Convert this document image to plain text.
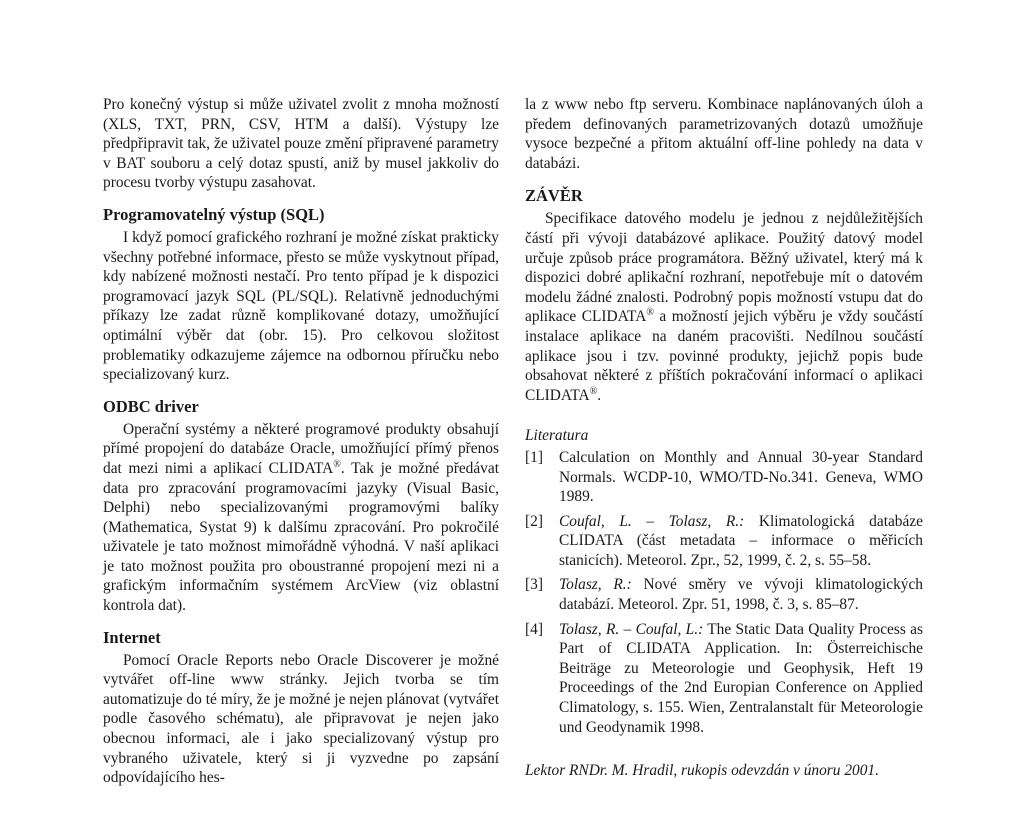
Pro konečný výstup si může uživatel zvolit z mnoha možností (XLS, TXT, PRN, CSV, HTM a další). Výstupy lze předpřipravit tak, že uživatel pouze změní připravené parametry v BAT souboru a celý dotaz spustí, aniž by musel jakkoliv do procesu tvorby výstupu zasahovat.

Programovatelný výstup (SQL)

I když pomocí grafického rozhraní je možné získat prakticky všechny potřebné informace, přesto se může vyskytnout případ, kdy nabízené možnosti nestačí. Pro tento případ je k dispozici programovací jazyk SQL (PL/SQL). Relativně jednoduchými příkazy lze zadat různě komplikované dotazy, umožňující optimální výběr dat (obr. 15). Pro celkovou složitost problematiky odkazujeme zájemce na odbornou příručku nebo specializovaný kurz.

ODBC driver

Operační systémy a některé programové produkty obsahují přímé propojení do databáze Oracle, umožňující přímý přenos dat mezi nimi a aplikací CLIDATA®. Tak je možné předávat data pro zpracování programovacími jazyky (Visual Basic, Delphi) nebo specializovanými programovými balíky (Mathematica, Systat 9) k dalšímu zpracování. Pro pokročilé uživatele je tato možnost mimořádně výhodná. V naší aplikaci je tato možnost použita pro oboustranné propojení mezi ni a grafickým informačním systémem ArcView (viz oblastní kontrola dat).

Internet

Pomocí Oracle Reports nebo Oracle Discoverer je možné vytvářet off-line www stránky. Jejich tvorba se tím automatizuje do té míry, že je možné je nejen plánovat (vytvářet podle časového schématu), ale připravovat je nejen jako obecnou informaci, ale i jako specializovaný výstup pro vybraného uživatele, který si ji vyzvedne po zapsání odpovídajícího hes-

la z www nebo ftp serveru. Kombinace naplánovaných úloh a předem definovaných parametrizovaných dotazů umožňuje vysoce bezpečné a přitom aktuální off-line pohledy na data v databázi.

ZÁVĚR

Specifikace datového modelu je jednou z nejdůležitějších částí při vývoji databázové aplikace. Použitý datový model určuje způsob práce programátora. Běžný uživatel, který má k dispozici dobré aplikační rozhraní, nepotřebuje mít o datovém modelu žádné znalosti. Podrobný popis možností vstupu dat do aplikace CLIDATA® a možností jejich výběru je vždy součástí instalace aplikace na daném pracovišti. Nedílnou součástí aplikace jsou i tzv. povinné produkty, jejichž popis bude obsahovat některé z příštích pokračování informací o aplikaci CLIDATA®.

Literatura

[1]	Calculation on Monthly and Annual 30-year Standard Normals. WCDP-10, WMO/TD-No.341. Geneva, WMO 1989.
[2]	Coufal, L. – Tolasz, R.: Klimatologická databáze CLIDATA (část metadata – informace o měřicích stanicích). Meteorol. Zpr., 52, 1999, č. 2, s. 55–58.
[3]	Tolasz, R.: Nové směry ve vývoji klimatologických databází. Meteorol. Zpr. 51, 1998, č. 3, s. 85–87.
[4]	Tolasz, R. – Coufal, L.: The Static Data Quality Process as Part of CLIDATA Application. In: Österreichische Beiträge zu Meteorologie und Geophysik, Heft 19 Proceedings of the 2nd Europian Conference on Applied Climatology, s. 155. Wien, Zentralanstalt für Meteorologie und Geodynamik 1998.

Lektor RNDr. M. Hradil, rukopis odevzdán v únoru 2001.
